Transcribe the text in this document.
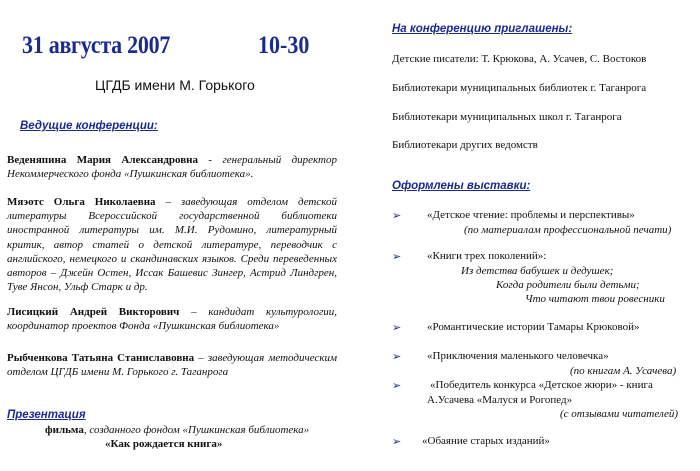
31 августа 2007	10-30
ЦГДБ имени М. Горького
Ведущие конференции:
Веденяпина Мария Александровна - генеральный директор Некоммерческого фонда «Пушкинская библиотека».
Мяэотс Ольга Николаевна – заведующая отделом детской литературы Всероссийской государственной библиотеки иностранной литературы им. М.И. Рудомино, литературный критик, автор статей о детской литературе, переводчик с английского, немецкого и скандинавских языков. Среди переведенных авторов – Джейн Остен, Иссак Башевис Зингер, Астрид Линдгрен, Туве Янсон, Ульф Старк и др.
Лисицкий Андрей Викторович – кандидат культурологии, координатор проектов Фонда «Пушкинская библиотека»
Рыбченкова Татьяна Станиславовна – заведующая методическим отделом ЦГДБ имени М. Горького г. Таганрога
Презентация
фильма, созданного фондом «Пушкинская библиотека»
«Как рождается книга»
На конференцию приглашены:
Детские писатели: Т. Крюкова, А. Усачев, С. Востоков
Библиотекари муниципальных библиотек г. Таганрога
Библиотекари муниципальных школ г. Таганрога
Библиотекари других ведомств
Оформлены выставки:
➢ «Детское чтение: проблемы и перспективы»
(по материалам профессиональной печати)
➢ «Книги трех поколений»:
Из детства бабушек и дедушек;
Когда родители были детьми;
Что читают твои ровесники
➢ «Романтические истории Тамары Крюковой»
➢ «Приключения маленького человечка»
(по книгам А. Усачева)
➢	«Победитель конкурса «Детское жюри» - книга
А.Усачева «Малуся и Рогопед»
(с отзывами читателей)
➢ «Обаяние старых изданий»
